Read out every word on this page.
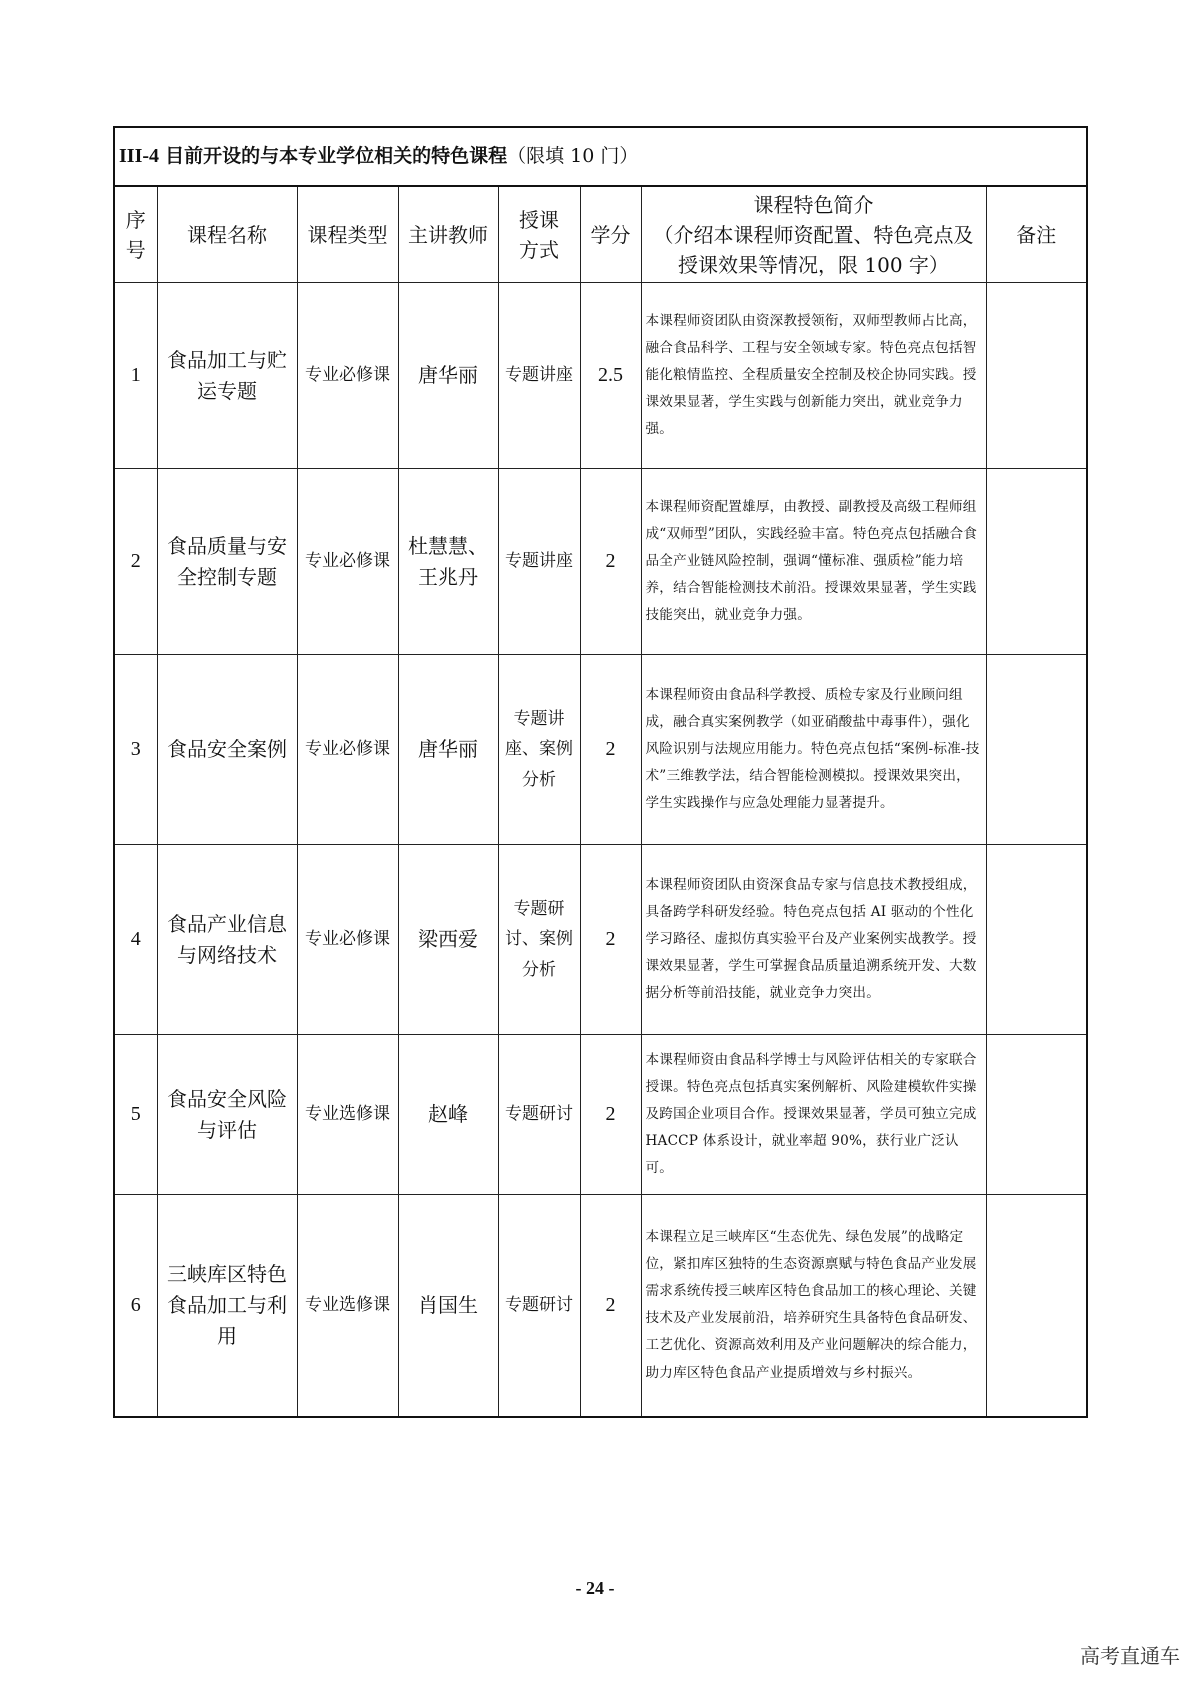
III-4 目前开设的与本专业学位相关的特色课程（限填 10 门）							
序
号	课程名称	课程类型	主讲教师	授课
方式	学分	课程特色简介
（介绍本课程师资配置、特色亮点及
授课效果等情况，限 100 字）	备注
1	食品加工与贮
运专题	专业必修课	唐华丽	专题讲座	2.5	本课程师资团队由资深教授领衔，双师型教师占比高，融合食品科学、工程与安全领域专家。特色亮点包括智能化粮情监控、全程质量安全控制及校企协同实践。授课效果显著，学生实践与创新能力突出，就业竞争力强。	
2	食品质量与安
全控制专题	专业必修课	杜慧慧、
王兆丹	专题讲座	2	本课程师资配置雄厚，由教授、副教授及高级工程师组成“双师型”团队，实践经验丰富。特色亮点包括融合食品全产业链风险控制，强调“懂标准、强质检”能力培养，结合智能检测技术前沿。授课效果显著，学生实践技能突出，就业竞争力强。	
3	食品安全案例	专业必修课	唐华丽	专题讲
座、案例
分析	2	本课程师资由食品科学教授、质检专家及行业顾问组成，融合真实案例教学（如亚硝酸盐中毒事件），强化风险识别与法规应用能力。特色亮点包括“案例-标准-技术”三维教学法，结合智能检测模拟。授课效果突出，学生实践操作与应急处理能力显著提升。	
4	食品产业信息
与网络技术	专业必修课	梁西爱	专题研
讨、案例
分析	2	本课程师资团队由资深食品专家与信息技术教授组成，具备跨学科研发经验。特色亮点包括 AI 驱动的个性化学习路径、虚拟仿真实验平台及产业案例实战教学。授课效果显著，学生可掌握食品质量追溯系统开发、大数据分析等前沿技能，就业竞争力突出。	
5	食品安全风险
与评估	专业选修课	赵峰	专题研讨	2	本课程师资由食品科学博士与风险评估相关的专家联合授课。特色亮点包括真实案例解析、风险建模软件实操及跨国企业项目合作。授课效果显著，学员可独立完成 HACCP 体系设计，就业率超 90%，获行业广泛认可。	
6	三峡库区特色
食品加工与利
用	专业选修课	肖国生	专题研讨	2	本课程立足三峡库区“生态优先、绿色发展”的战略定位，紧扣库区独特的生态资源禀赋与特色食品产业发展需求系统传授三峡库区特色食品加工的核心理论、关键技术及产业发展前沿，培养研究生具备特色食品研发、工艺优化、资源高效利用及产业问题解决的综合能力，助力库区特色食品产业提质增效与乡村振兴。	
- 24 -
高考直通车
